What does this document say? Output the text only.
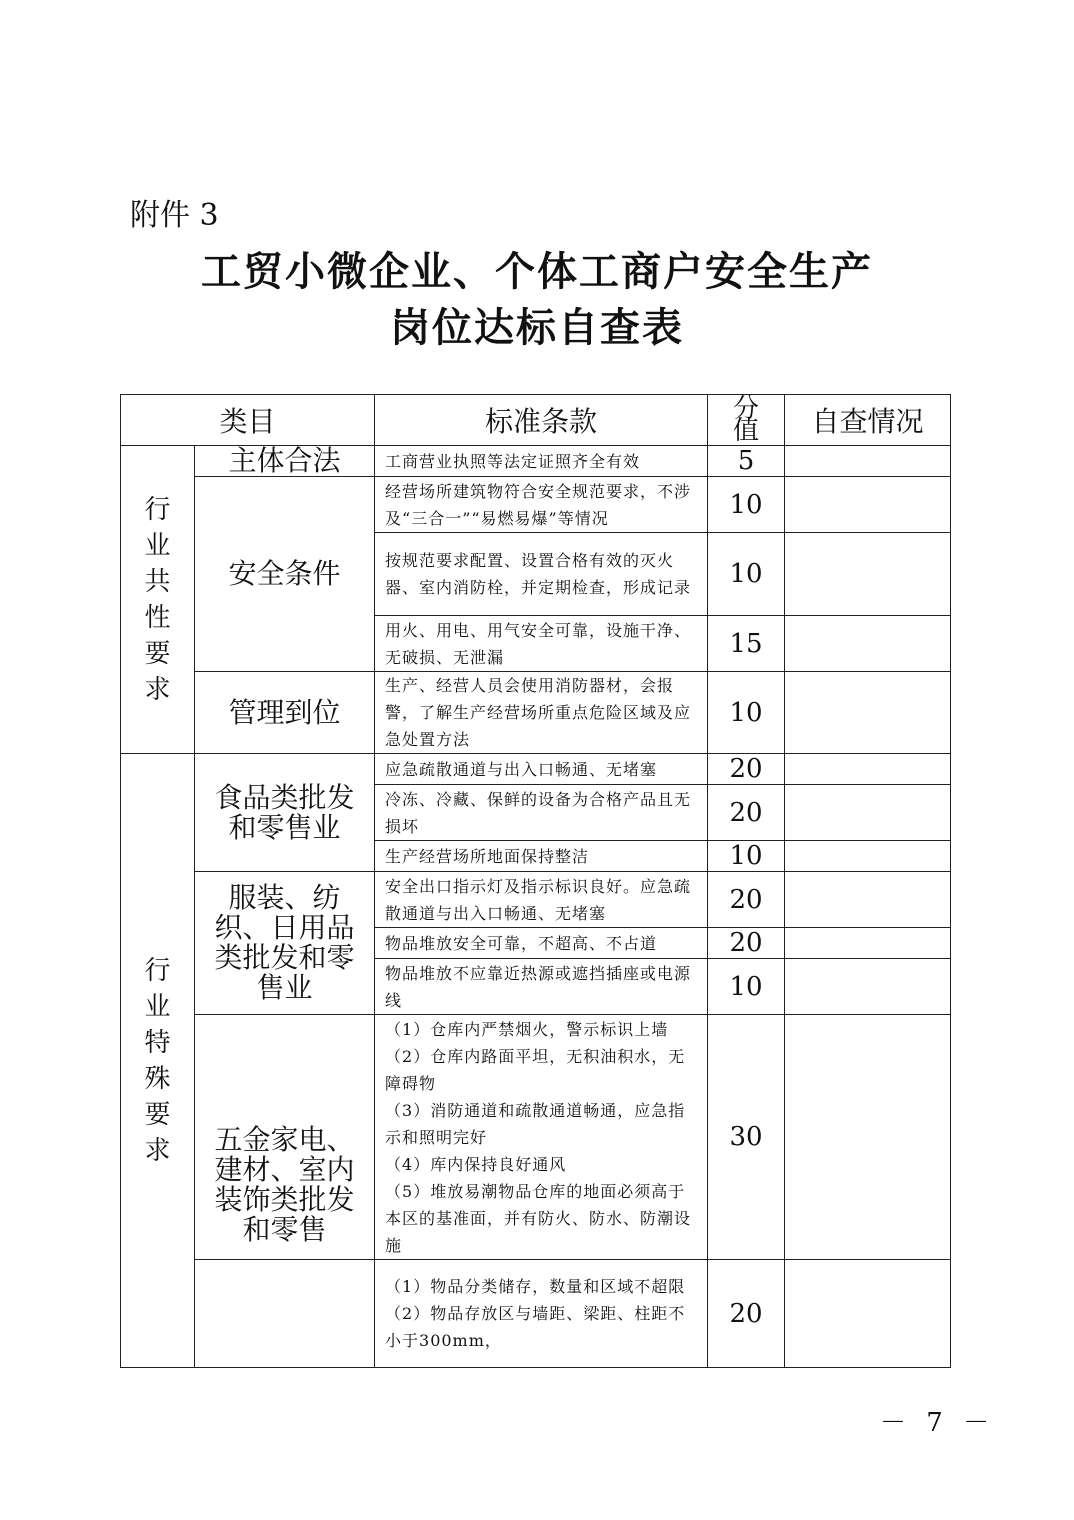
附件 3
工贸小微企业、个体工商户安全生产
岗位达标自查表
类目		标准条款	分值	自查情况
行业共性要求	主体合法	工商营业执照等法定证照齐全有效	5	
	安全条件	经营场所建筑物符合安全规范要求，不涉及“三合一”“易燃易爆”等情况	10	
		按规范要求配置、设置合格有效的灭火器、室内消防栓，并定期检查，形成记录	10	
		用火、用电、用气安全可靠，设施干净、无破损、无泄漏	15	
	管理到位	生产、经营人员会使用消防器材，会报警，了解生产经营场所重点危险区域及应急处置方法	10	
行业特殊要求	食品类批发和零售业	应急疏散通道与出入口畅通、无堵塞	20	
		冷冻、冷藏、保鲜的设备为合格产品且无损坏	20	
		生产经营场所地面保持整洁	10	
	服装、纺织、日用品类批发和零售业	安全出口指示灯及指示标识良好。应急疏散通道与出入口畅通、无堵塞	20	
		物品堆放安全可靠，不超高、不占道	20	
		物品堆放不应靠近热源或遮挡插座或电源线	10	
	五金家电、建材、室内装饰类批发和零售	（1）仓库内严禁烟火，警示标识上墙
（2）仓库内路面平坦，无积油积水，无障碍物
（3）消防通道和疏散通道畅通，应急指示和照明完好
（4）库内保持良好通风
（5）堆放易潮物品仓库的地面必须高于本区的基准面，并有防火、防水、防潮设施	30	

		（1）物品分类储存，数量和区域不超限
（2）物品存放区与墙距、梁距、柱距不小于300mm，	20	
－ 7 －
